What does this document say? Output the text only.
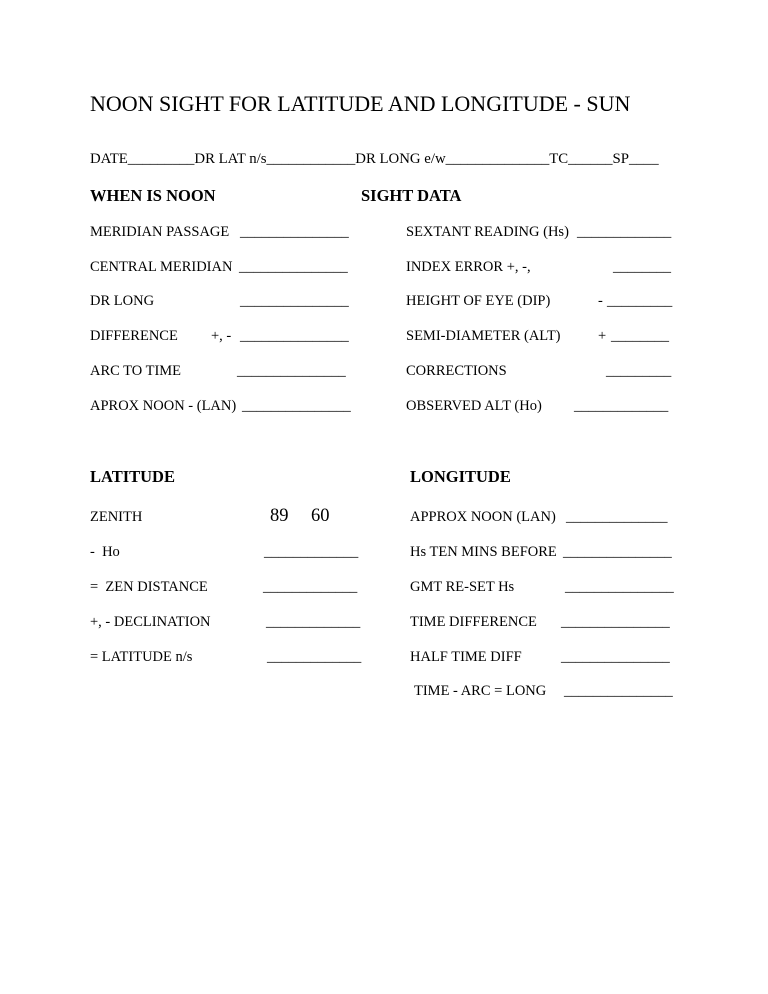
NOON SIGHT FOR LATITUDE AND LONGITUDE - SUN
DATE_________DR LAT n/s____________DR LONG e/w______________TC______SP____
WHEN IS NOON	SIGHT DATA
MERIDIAN PASSAGE _______________
CENTRAL MERIDIAN _______________
DR LONG	_______________
DIFFERENCE +, - _______________
ARC TO TIME	_______________
APROX NOON - (LAN) _______________
SEXTANT READING (Hs) _____________
INDEX ERROR +, -,	________
HEIGHT OF EYE (DIP)	- _________
SEMI-DIAMETER (ALT)	+ ________
CORRECTIONS	_________
OBSERVED ALT (Ho) _____________
LATITUDE	LONGITUDE
ZENITH	89 60
-  Ho	_____________
=  ZEN DISTANCE	_____________
+, - DECLINATION	_____________
= LATITUDE n/s	_____________
APPROX NOON (LAN) ______________
Hs TEN MINS BEFORE _______________
GMT RE-SET Hs	_______________
TIME DIFFERENCE _______________
HALF TIME DIFF	_______________
TIME - ARC = LONG _______________
